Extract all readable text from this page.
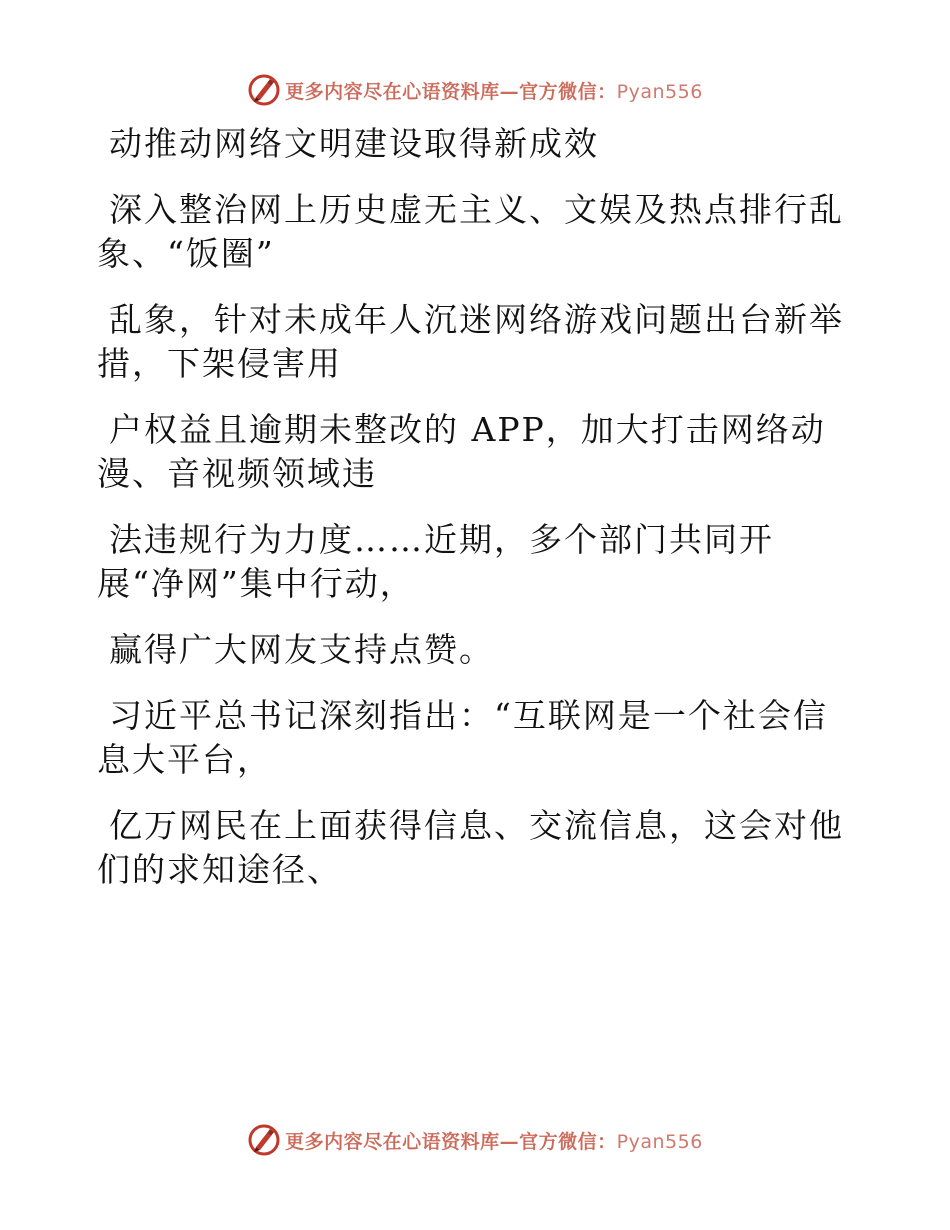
更多内容尽在心语资料库—官方微信：Pyan556

动推动网络文明建设取得新成效

深入整治网上历史虚无主义、文娱及热点排行乱
象、“饭圈”

乱象，针对未成年人沉迷网络游戏问题出台新举
措，下架侵害用

户权益且逾期未整改的 APP，加大打击网络动
漫、音视频领域违

法违规行为力度……近期，多个部门共同开
展“净网”集中行动，

赢得广大网友支持点赞。

习近平总书记深刻指出：“互联网是一个社会信
息大平台，

亿万网民在上面获得信息、交流信息，这会对他
们的求知途径、

更多内容尽在心语资料库—官方微信：Pyan556
